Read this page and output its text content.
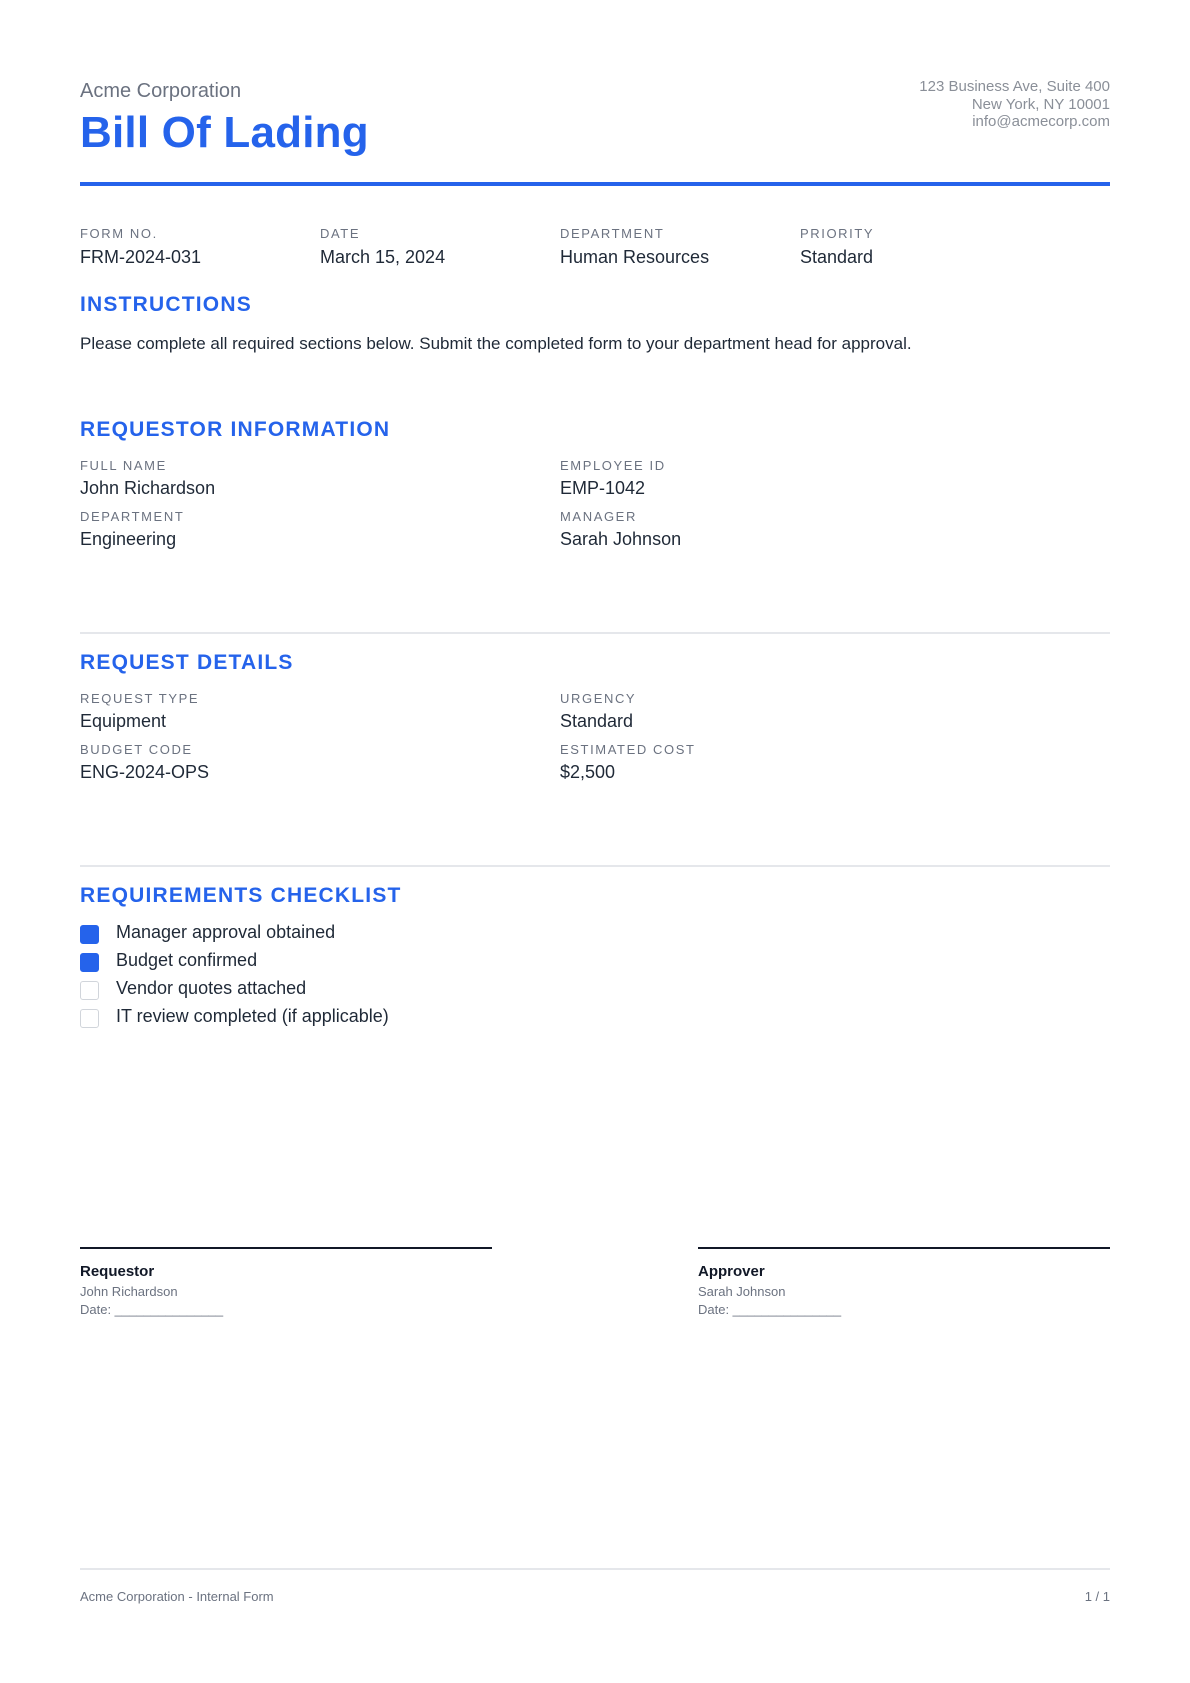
Acme Corporation
Bill Of Lading
123 Business Ave, Suite 400
New York, NY 10001
info@acmecorp.com
FORM NO.
FRM-2024-031
DATE
March 15, 2024
DEPARTMENT
Human Resources
PRIORITY
Standard
INSTRUCTIONS
Please complete all required sections below. Submit the completed form to your department head for approval.
REQUESTOR INFORMATION
FULL NAME
John Richardson
EMPLOYEE ID
EMP-1042
DEPARTMENT
Engineering
MANAGER
Sarah Johnson
REQUEST DETAILS
REQUEST TYPE
Equipment
URGENCY
Standard
BUDGET CODE
ENG-2024-OPS
ESTIMATED COST
$2,500
REQUIREMENTS CHECKLIST
Manager approval obtained
Budget confirmed
Vendor quotes attached
IT review completed (if applicable)
Requestor
John Richardson
Date: _______________
Approver
Sarah Johnson
Date: _______________
Acme Corporation - Internal Form	1 / 1
